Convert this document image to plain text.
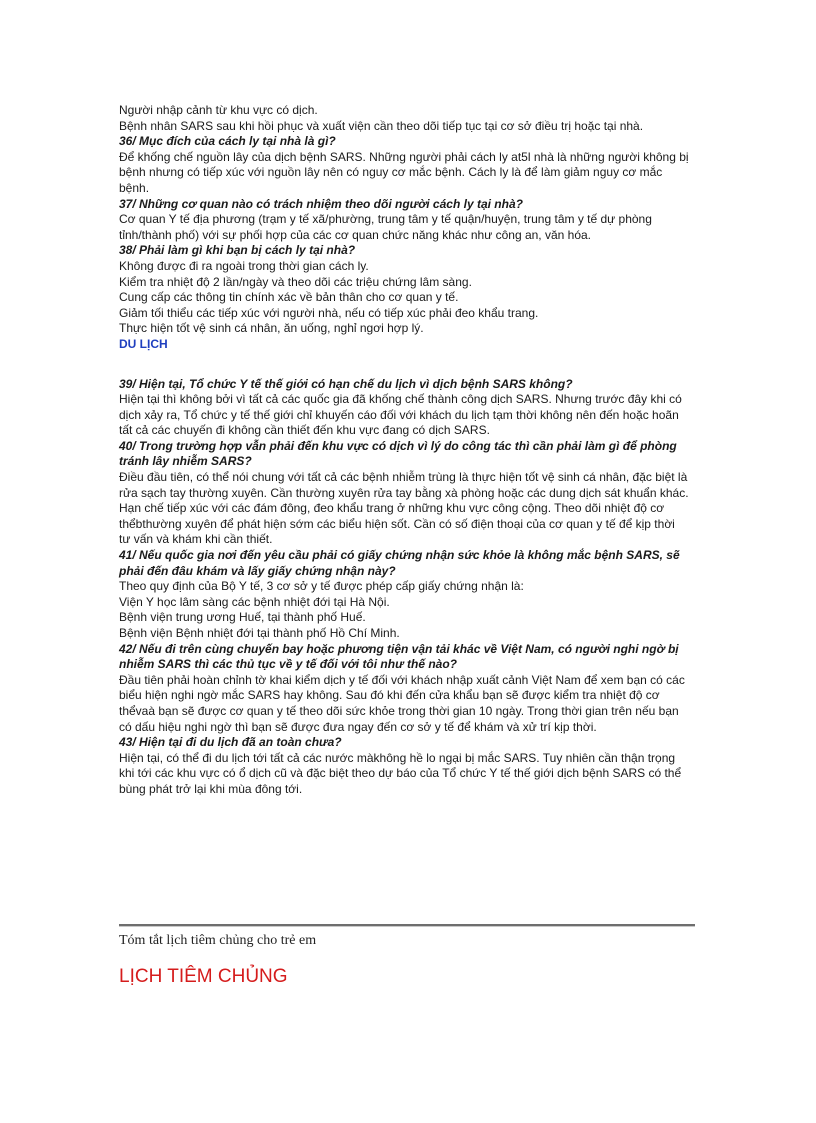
Người nhập cảnh từ khu vực có dịch.

Bệnh nhân SARS sau khi hồi phục và xuất viện cần theo dõi tiếp tục tại cơ sở điều trị hoặc tại nhà.

36/ Mục đích của cách ly tại nhà là gì?

Để khống chế nguồn lây của dịch bệnh SARS. Những người phải cách ly at5l nhà là những người không bị bệnh nhưng có tiếp xúc với nguồn lây nên có nguy cơ mắc bệnh. Cách ly là để làm giảm nguy cơ mắc bệnh.

37/ Những cơ quan nào có trách nhiệm theo dõi người cách ly tại nhà?

Cơ quan Y tế địa phương (trạm y tế xã/phường, trung tâm y tế quận/huyện, trung tâm y tế dự phòng tỉnh/thành phố) với sự phối hợp của các cơ quan chức năng khác như công an, văn hóa.

38/ Phải làm gì khi bạn bị cách ly tại nhà?

Không được đi ra ngoài trong thời gian cách ly.

Kiểm tra nhiệt độ 2 lần/ngày và theo dõi các triệu chứng lâm sàng.

Cung cấp các thông tin chính xác về bản thân cho cơ quan y tế.

Giảm tối thiểu các tiếp xúc với người nhà, nếu có tiếp xúc phải đeo khẩu trang.

Thực hiện tốt vệ sinh cá nhân, ăn uống, nghỉ ngơi hợp lý.

DU LỊCH

39/ Hiện tại, Tổ chức Y tế thế giới có hạn chế du lịch vì dịch bệnh SARS không?

Hiện tại thì không bởi vì tất cả các quốc gia đã khống chế thành công dịch SARS. Nhưng trước đây khi có dịch xảy ra, Tổ chức y tế thế giới chỉ khuyến cáo đối với khách du lịch tạm thời không nên đến hoặc hoãn tất cả các chuyến đi không cần thiết đến khu vực đang có dịch SARS.

40/ Trong trường hợp vẫn phải đến khu vực có dịch vì lý do công tác thì cần phải làm gì để phòng tránh lây nhiễm SARS?

Điều đầu tiên, có thể nói chung với tất cả các bệnh nhiễm trùng là thực hiện tốt vệ sinh cá nhân, đặc biệt là rửa sạch tay thường xuyên. Cần thường xuyên rửa tay bằng xà phòng hoặc các dung dịch sát khuẩn khác. Hạn chế tiếp xúc với các đám đông, đeo khẩu trang ở những khu vực công cộng. Theo dõi nhiệt độ cơ thểbthường xuyên để phát hiện sớm các biểu hiện sốt. Cần có số điện thoại của cơ quan y tế để kịp thời tư vấn và khám khi cần thiết.

41/ Nếu quốc gia nơi đến yêu cầu phải có giấy chứng nhận sức khỏe là không mắc bệnh SARS, sẽ phải đến đâu khám và lấy giấy chứng nhận này?

Theo quy định của Bộ Y tế, 3 cơ sở y tế được phép cấp giấy chứng nhận là:

Viện Y học lâm sàng các bệnh nhiệt đới tại Hà Nội.

Bệnh viện trung ương Huế, tại thành phố Huế.

Bệnh viện Bệnh nhiệt đới tại thành phố Hồ Chí Minh.

42/ Nếu đi trên cùng chuyến bay hoặc phương tiện vận tải khác về Việt Nam, có người nghi ngờ bị nhiễm SARS thì các thủ tục về y tế đối với tôi như thế nào?

Đầu tiên phải hoàn chỉnh tờ khai kiểm dịch y tế đối với khách nhập xuất cảnh Việt Nam để xem bạn có các biểu hiện nghi ngờ mắc SARS hay không. Sau đó khi đến cửa khẩu bạn sẽ được kiểm tra nhiệt độ cơ thểvaà bạn sẽ được cơ quan y tế theo dõi sức khỏe trong thời gian 10 ngày. Trong thời gian trên nếu bạn có dấu hiệu nghi ngờ thì bạn sẽ được đưa ngay đến cơ sở y tế để khám và xử trí kịp thời.

43/ Hiện tại đi du lịch đã an toàn chưa?

Hiện tại, có thể đi du lịch tới tất cả các nước màkhông hề lo ngại bị mắc SARS. Tuy nhiên cần thận trọng khi tới các khu vực có ổ dịch cũ và đặc biệt theo dự báo của Tổ chức Y tế thế giới dịch bệnh SARS có thể bùng phát trở lại khi mùa đông tới.

Tóm tắt lịch tiêm chủng cho trẻ em
LỊCH TIÊM CHỦNG
